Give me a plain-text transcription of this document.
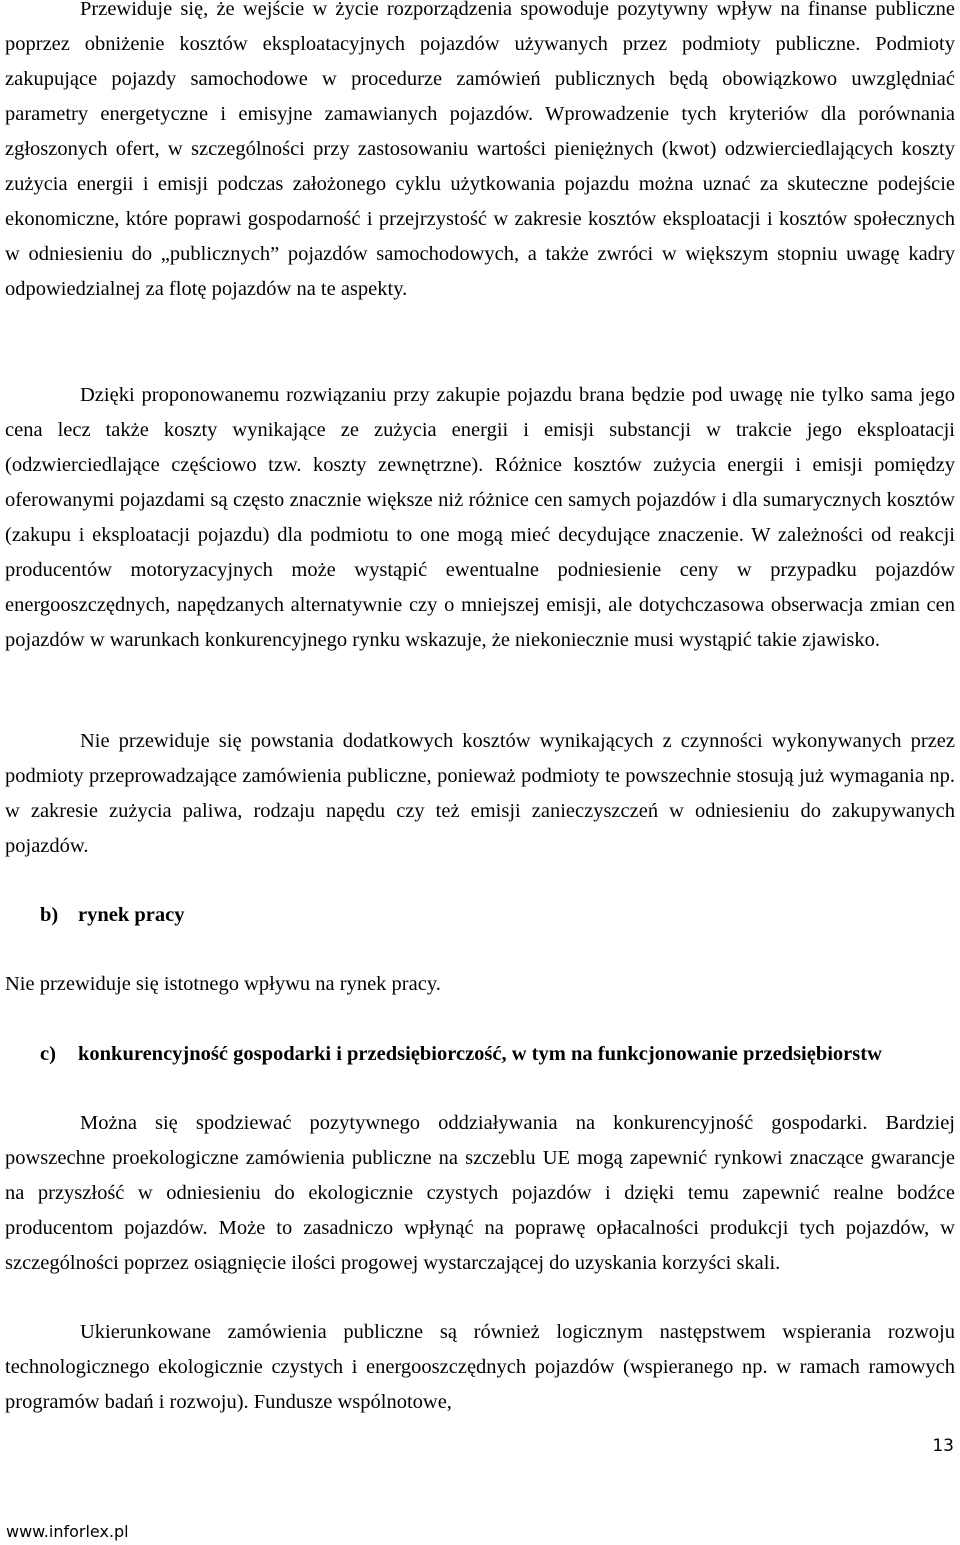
Przewiduje się, że wejście w życie rozporządzenia spowoduje pozytywny wpływ na finanse publiczne poprzez obniżenie kosztów eksploatacyjnych pojazdów używanych przez podmioty publiczne. Podmioty zakupujące pojazdy samochodowe w procedurze zamówień publicznych będą obowiązkowo uwzględniać parametry energetyczne i emisyjne zamawianych pojazdów. Wprowadzenie tych kryteriów dla porównania zgłoszonych ofert, w szczególności przy zastosowaniu wartości pieniężnych (kwot) odzwierciedlających koszty zużycia energii i emisji podczas założonego cyklu użytkowania pojazdu można uznać za skuteczne podejście ekonomiczne, które poprawi gospodarność i przejrzystość w zakresie kosztów eksploatacji i kosztów społecznych w odniesieniu do „publicznych” pojazdów samochodowych, a także zwróci w większym stopniu uwagę kadry odpowiedzialnej za flotę pojazdów na te aspekty.

Dzięki proponowanemu rozwiązaniu przy zakupie pojazdu brana będzie pod uwagę nie tylko sama jego cena lecz także koszty wynikające ze zużycia energii i emisji substancji w trakcie jego eksploatacji (odzwierciedlające częściowo tzw. koszty zewnętrzne). Różnice kosztów zużycia energii i emisji pomiędzy oferowanymi pojazdami są często znacznie większe niż różnice cen samych pojazdów i dla sumarycznych kosztów (zakupu i eksploatacji pojazdu) dla podmiotu to one mogą mieć decydujące znaczenie. W zależności od reakcji producentów motoryzacyjnych może wystąpić ewentualne podniesienie ceny w przypadku pojazdów energooszczędnych, napędzanych alternatywnie czy o mniejszej emisji, ale dotychczasowa obserwacja zmian cen pojazdów w warunkach konkurencyjnego rynku wskazuje, że niekoniecznie musi wystąpić takie zjawisko.

Nie przewiduje się powstania dodatkowych kosztów wynikających z czynności wykonywanych przez podmioty przeprowadzające zamówienia publiczne, ponieważ podmioty te powszechnie stosują już wymagania np. w zakresie zużycia paliwa, rodzaju napędu czy też emisji zanieczyszczeń w odniesieniu do zakupywanych pojazdów.

b) rynek pracy

Nie przewiduje się istotnego wpływu na rynek pracy.

c) konkurencyjność gospodarki i przedsiębiorczość, w tym na funkcjonowanie przedsiębiorstw

Można się spodziewać pozytywnego oddziaływania na konkurencyjność gospodarki. Bardziej powszechne proekologiczne zamówienia publiczne na szczeblu UE mogą zapewnić rynkowi znaczące gwarancje na przyszłość w odniesieniu do ekologicznie czystych pojazdów i dzięki temu zapewnić realne bodźce producentom pojazdów. Może to zasadniczo wpłynąć na poprawę opłacalności produkcji tych pojazdów, w szczególności poprzez osiągnięcie ilości progowej wystarczającej do uzyskania korzyści skali.

Ukierunkowane zamówienia publiczne są również logicznym następstwem wspierania rozwoju technologicznego ekologicznie czystych i energooszczędnych pojazdów (wspieranego np. w ramach ramowych programów badań i rozwoju). Fundusze wspólnotowe,

13
www.inforlex.pl
